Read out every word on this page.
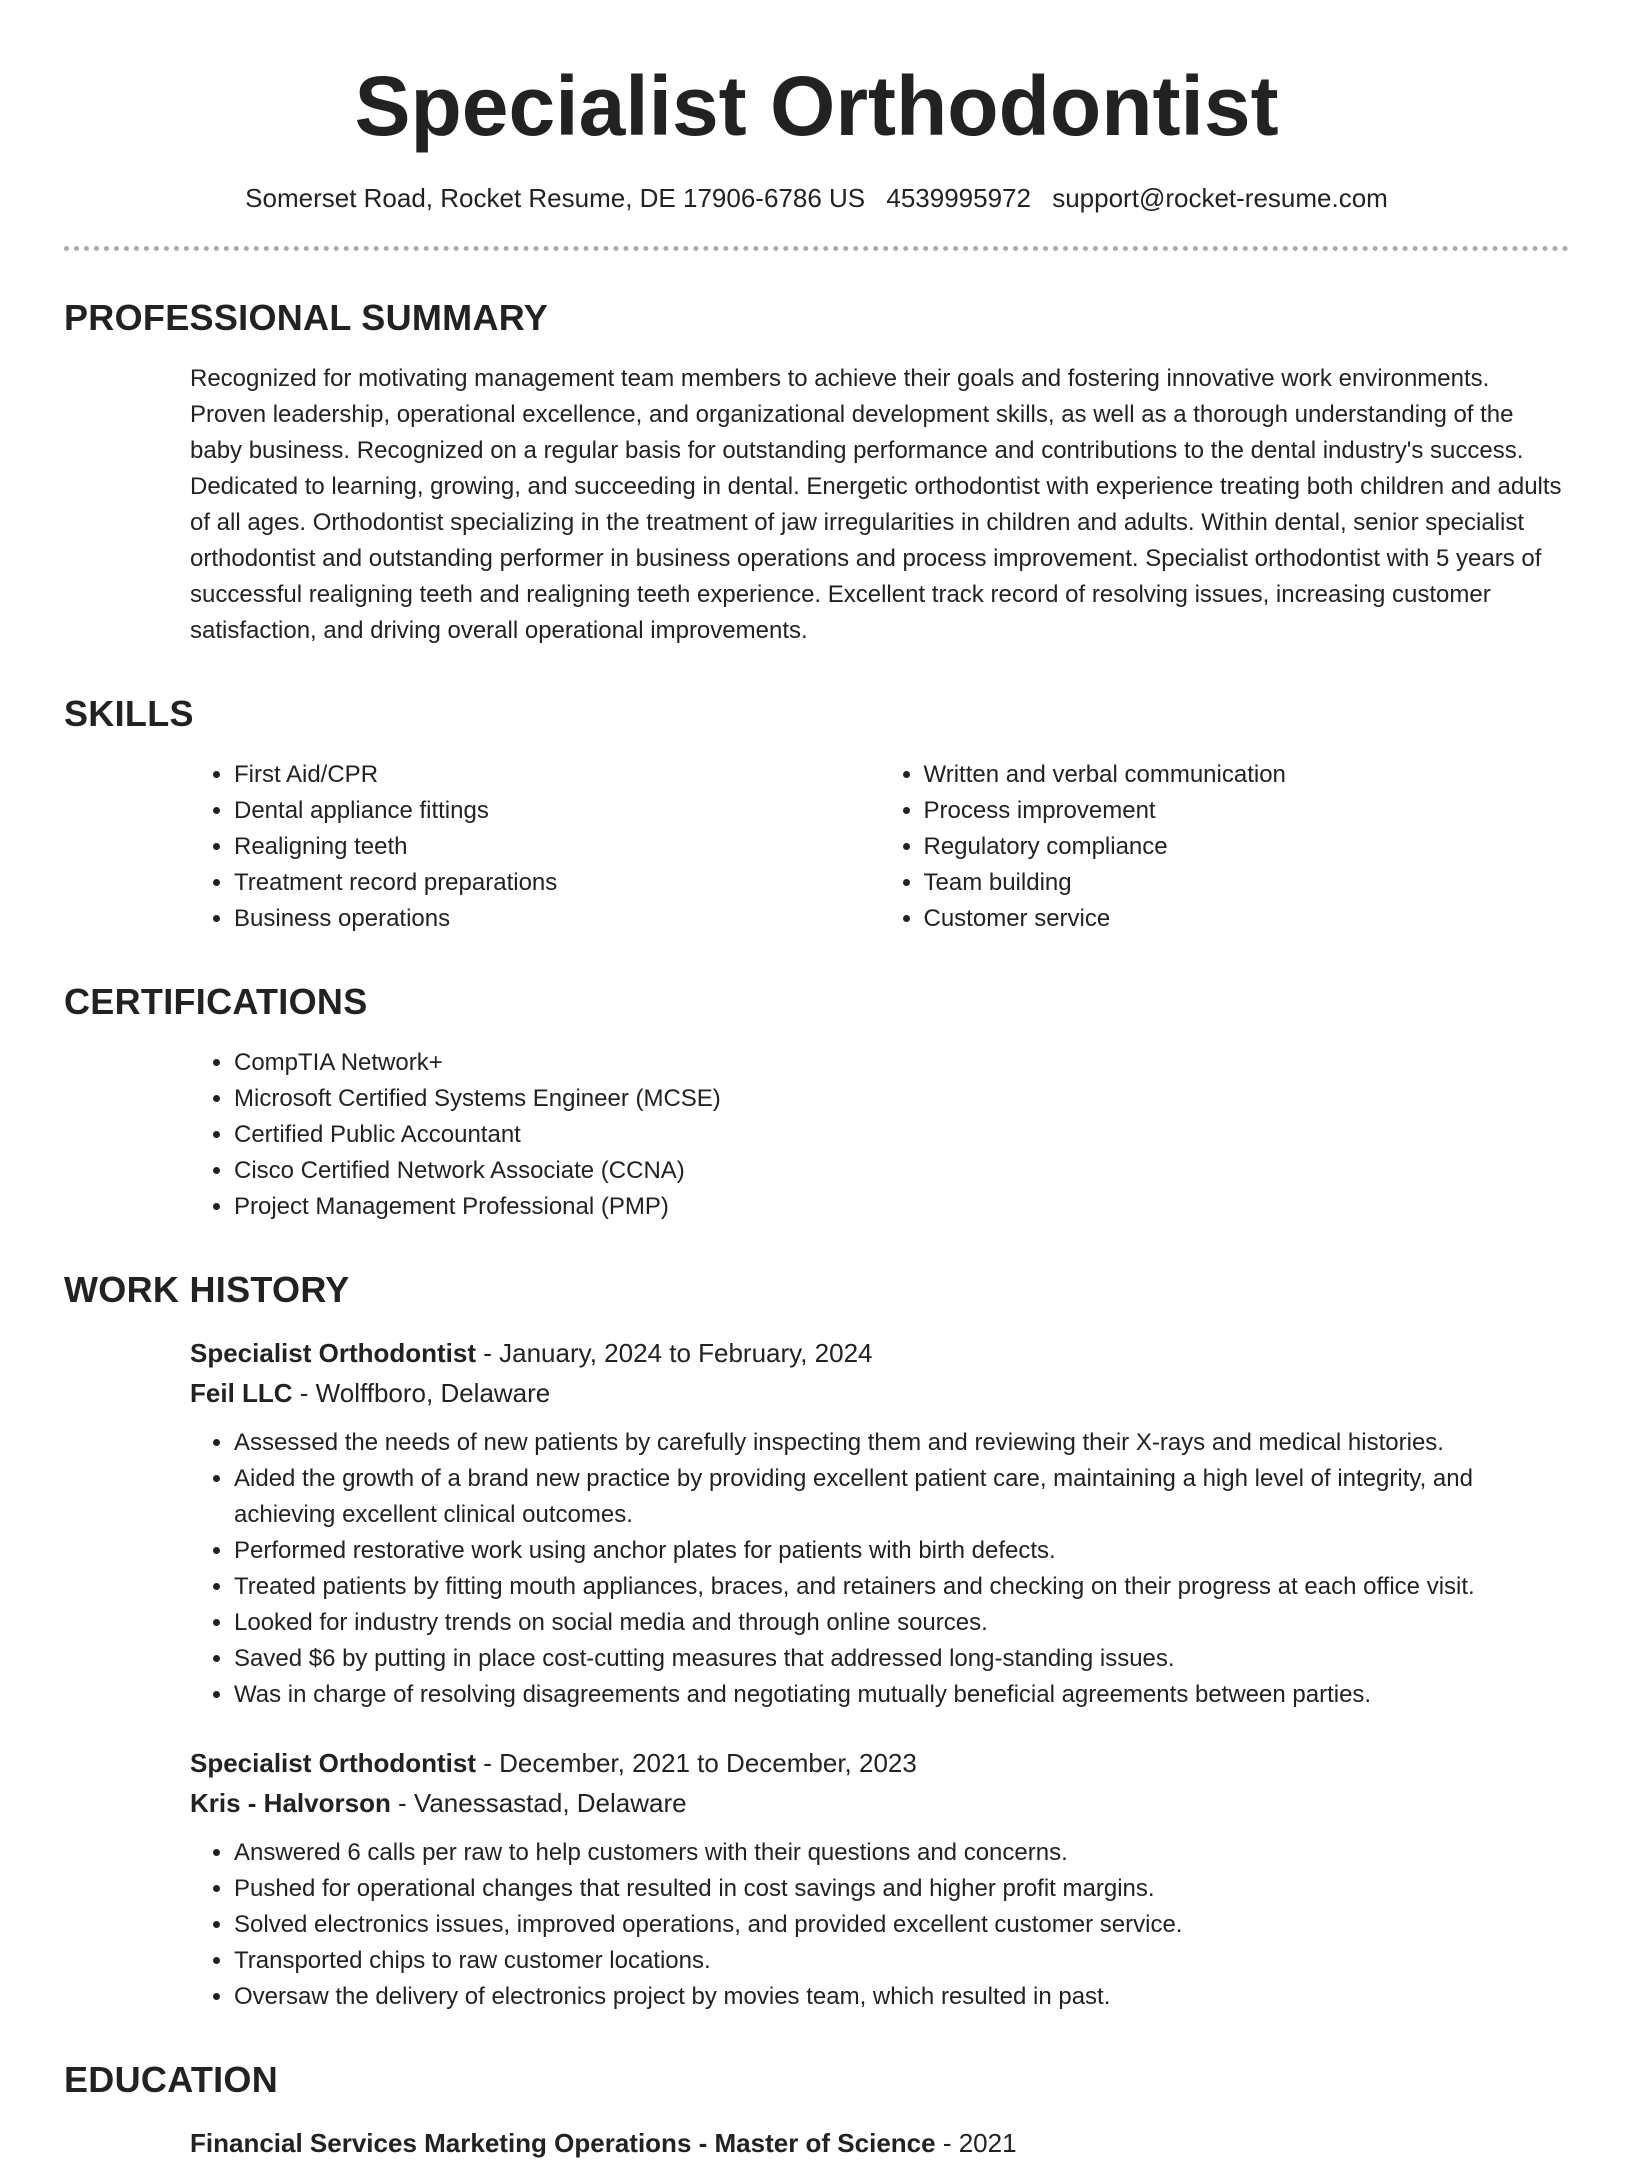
Specialist Orthodontist
Somerset Road, Rocket Resume, DE 17906-6786 US 4539995972 support@rocket-resume.com
PROFESSIONAL SUMMARY

Recognized for motivating management team members to achieve their goals and fostering innovative work environments. Proven leadership, operational excellence, and organizational development skills, as well as a thorough understanding of the baby business. Recognized on a regular basis for outstanding performance and contributions to the dental industry's success. Dedicated to learning, growing, and succeeding in dental. Energetic orthodontist with experience treating both children and adults of all ages. Orthodontist specializing in the treatment of jaw irregularities in children and adults. Within dental, senior specialist orthodontist and outstanding performer in business operations and process improvement. Specialist orthodontist with 5 years of successful realigning teeth and realigning teeth experience. Excellent track record of resolving issues, increasing customer satisfaction, and driving overall operational improvements.

SKILLS
• First Aid/CPR
• Dental appliance fittings
• Realigning teeth
• Treatment record preparations
• Business operations
• Written and verbal communication
• Process improvement
• Regulatory compliance
• Team building
• Customer service
CERTIFICATIONS
• CompTIA Network+
• Microsoft Certified Systems Engineer (MCSE)
• Certified Public Accountant
• Cisco Certified Network Associate (CCNA)
• Project Management Professional (PMP)
WORK HISTORY
Specialist Orthodontist - January, 2024 to February, 2024
Feil LLC - Wolffboro, Delaware
• Assessed the needs of new patients by carefully inspecting them and reviewing their X-rays and medical histories.
• Aided the growth of a brand new practice by providing excellent patient care, maintaining a high level of integrity, and achieving excellent clinical outcomes.
• Performed restorative work using anchor plates for patients with birth defects.
• Treated patients by fitting mouth appliances, braces, and retainers and checking on their progress at each office visit.
• Looked for industry trends on social media and through online sources.
• Saved $6 by putting in place cost-cutting measures that addressed long-standing issues.
• Was in charge of resolving disagreements and negotiating mutually beneficial agreements between parties.
Specialist Orthodontist - December, 2021 to December, 2023
Kris - Halvorson - Vanessastad, Delaware
• Answered 6 calls per raw to help customers with their questions and concerns.
• Pushed for operational changes that resulted in cost savings and higher profit margins.
• Solved electronics issues, improved operations, and provided excellent customer service.
• Transported chips to raw customer locations.
• Oversaw the delivery of electronics project by movies team, which resulted in past.
EDUCATION
Financial Services Marketing Operations - Master of Science - 2021
